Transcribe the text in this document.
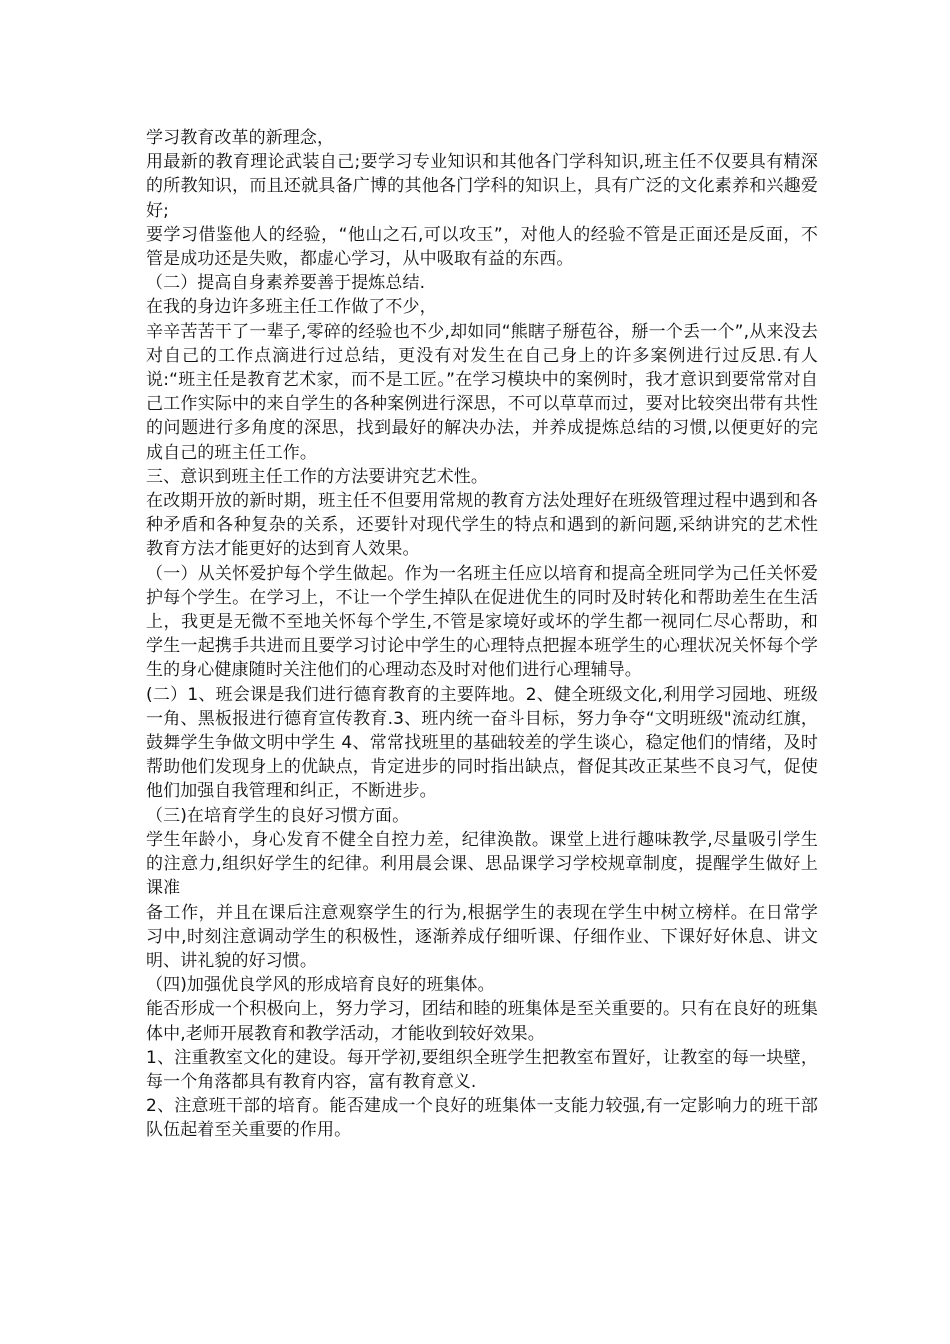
学习教育改革的新理念，

用最新的教育理论武装自己;要学习专业知识和其他各门学科知识,班主任不仅要具有精深的所教知识，而且还就具备广博的其他各门学科的知识上，具有广泛的文化素养和兴趣爱好;

要学习借鉴他人的经验，“他山之石,可以攻玉”，对他人的经验不管是正面还是反面，不管是成功还是失败，都虚心学习，从中吸取有益的东西。

（二）提高自身素养要善于提炼总结.

在我的身边许多班主任工作做了不少，

辛辛苦苦干了一辈子,零碎的经验也不少,却如同“熊瞎子掰苞谷，掰一个丢一个”,从来没去对自己的工作点滴进行过总结，更没有对发生在自己身上的许多案例进行过反思.有人说:“班主任是教育艺术家，而不是工匠。”在学习模块中的案例时，我才意识到要常常对自己工作实际中的来自学生的各种案例进行深思，不可以草草而过，要对比较突出带有共性的问题进行多角度的深思，找到最好的解决办法，并养成提炼总结的习惯,以便更好的完成自己的班主任工作。

三、意识到班主任工作的方法要讲究艺术性。

在改期开放的新时期，班主任不但要用常规的教育方法处理好在班级管理过程中遇到和各种矛盾和各种复杂的关系，还要针对现代学生的特点和遇到的新问题,采纳讲究的艺术性教育方法才能更好的达到育人效果。

（一）从关怀爱护每个学生做起。作为一名班主任应以培育和提高全班同学为己任关怀爱护每个学生。在学习上，不让一个学生掉队在促进优生的同时及时转化和帮助差生在生活上，我更是无微不至地关怀每个学生,不管是家境好或坏的学生都一视同仁尽心帮助，和学生一起携手共进而且要学习讨论中学生的心理特点把握本班学生的心理状况关怀每个学生的身心健康随时关注他们的心理动态及时对他们进行心理辅导。

(二）1、班会课是我们进行德育教育的主要阵地。2、健全班级文化,利用学习园地、班级一角、黑板报进行德育宣传教育.3、班内统一奋斗目标，努力争夺“文明班级"流动红旗，鼓舞学生争做文明中学生 4、常常找班里的基础较差的学生谈心，稳定他们的情绪，及时帮助他们发现身上的优缺点，肯定进步的同时指出缺点，督促其改正某些不良习气，促使他们加强自我管理和纠正，不断进步。

（三)在培育学生的良好习惯方面。

学生年龄小，身心发育不健全自控力差，纪律涣散。课堂上进行趣味教学,尽量吸引学生的注意力,组织好学生的纪律。利用晨会课、思品课学习学校规章制度，提醒学生做好上课准

备工作，并且在课后注意观察学生的行为,根据学生的表现在学生中树立榜样。在日常学习中,时刻注意调动学生的积极性，逐渐养成仔细听课、仔细作业、下课好好休息、讲文明、讲礼貌的好习惯。

（四)加强优良学风的形成培育良好的班集体。

能否形成一个积极向上，努力学习，团结和睦的班集体是至关重要的。只有在良好的班集体中,老师开展教育和教学活动，才能收到较好效果。

1、注重教室文化的建设。每开学初,要组织全班学生把教室布置好，让教室的每一块壁，每一个角落都具有教育内容，富有教育意义.

2、注意班干部的培育。能否建成一个良好的班集体一支能力较强,有一定影响力的班干部队伍起着至关重要的作用。
